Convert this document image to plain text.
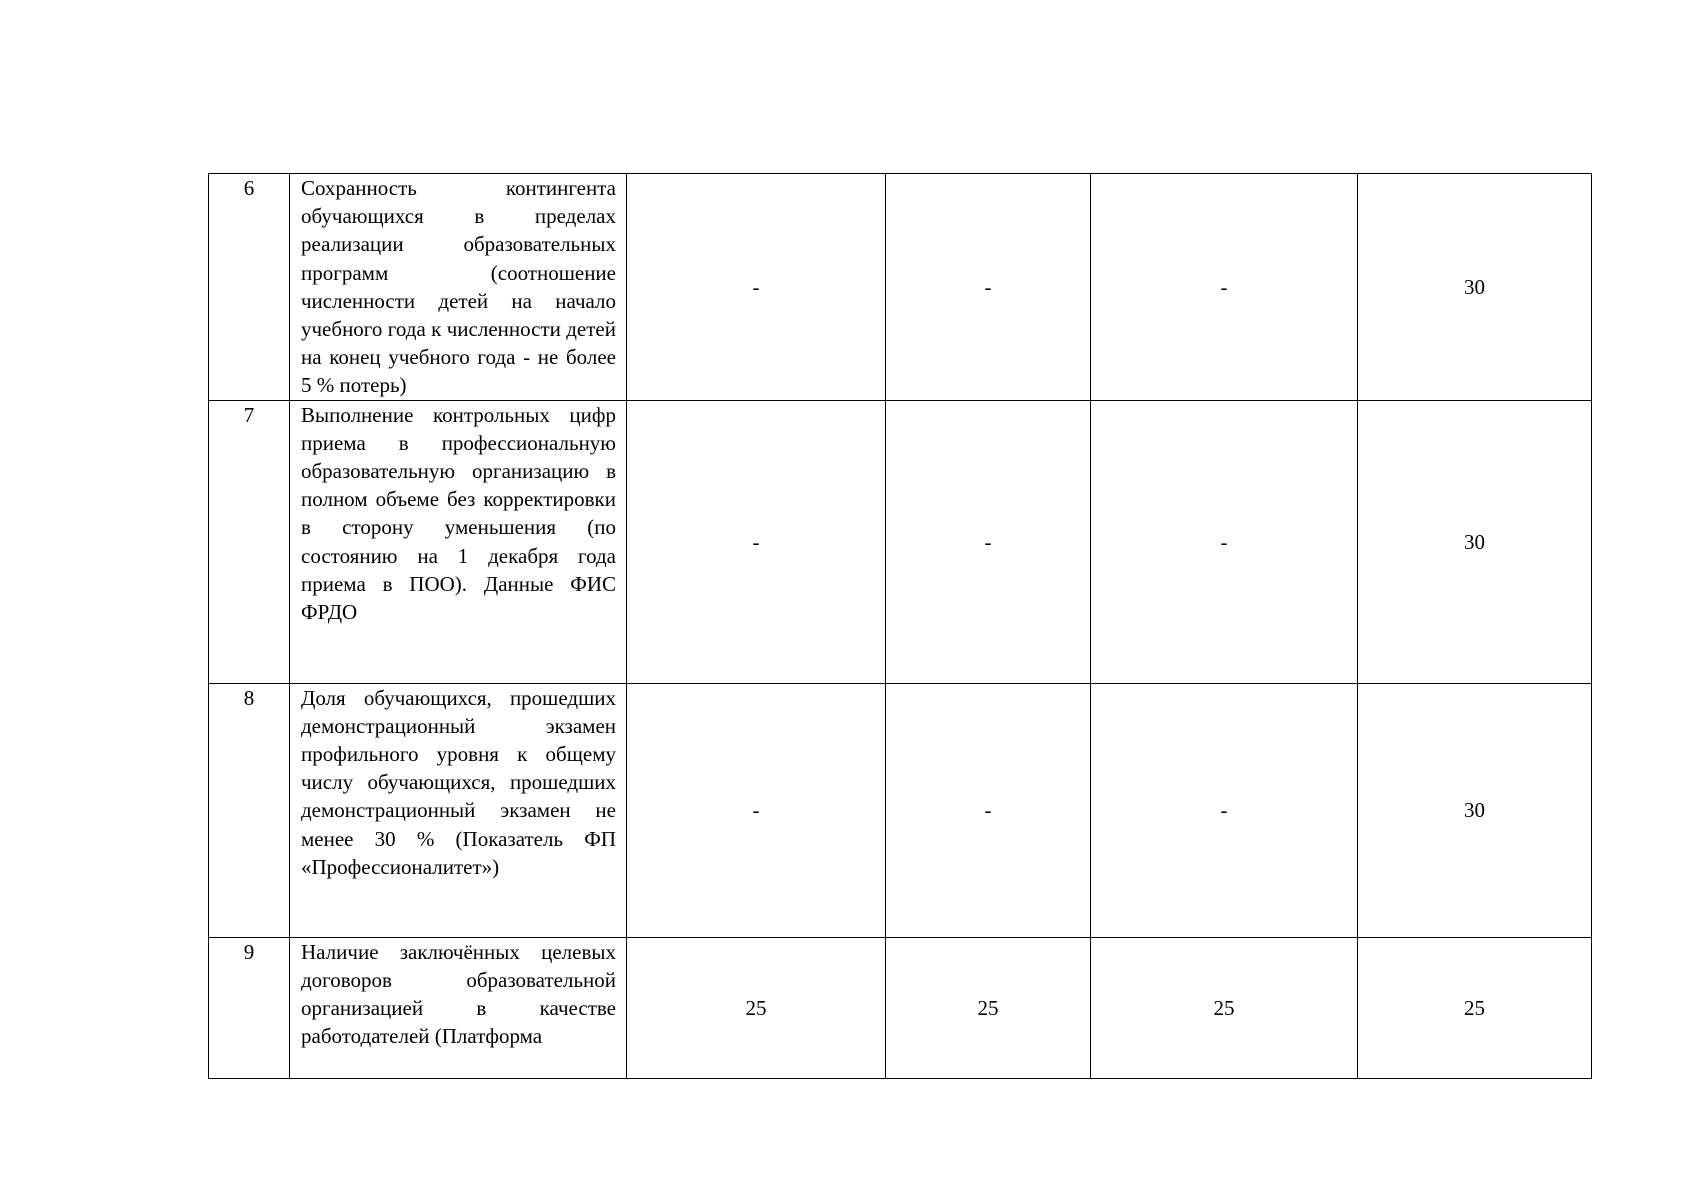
6	Сохранность контингента обучающихся в пределах реализации образовательных программ (соотношение численности детей на начало учебного года к численности детей на конец учебного года - не более 5 % потерь)	-	-	-	30
7	Выполнение контрольных цифр приема в профессиональную образовательную организацию в полном объеме без корректировки в сторону уменьшения (по состоянию на 1 декабря года приема в ПОО). Данные ФИС ФРДО	-	-	-	30
8	Доля обучающихся, прошедших демонстрационный экзамен профильного уровня к общему числу обучающихся, прошедших демонстрационный экзамен не менее 30 % (Показатель ФП «Профессионалитет»)	-	-	-	30
9	Наличие заключённых целевых договоров образовательной организацией в качестве работодателей (Платформа	25	25	25	25
